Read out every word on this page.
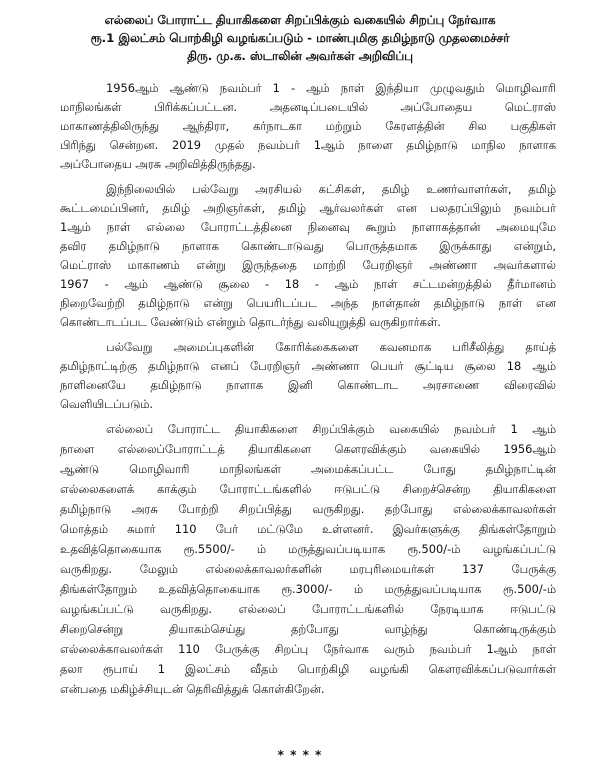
எல்லைப் போராட்ட தியாகிகளை சிறப்பிக்கும் வகையில் சிறப்பு நேர்வாக
ரூ.1 இலட்சம் பொற்கிழி வழங்கப்படும் - மாண்புமிகு தமிழ்நாடு முதலமைச்சர்
திரு. மு.க. ஸ்டாலின் அவர்கள் அறிவிப்பு
1956ஆம் ஆண்டு நவம்பர் 1 - ஆம் நாள் இந்தியா முழுவதும் மொழிவாரி
மாநிலங்கள் பிரிக்கப்பட்டன. அதனடிப்படையில் அப்போதைய மெட்ராஸ்
மாகாணத்திலிருந்து ஆந்திரா, கர்நாடகா மற்றும் கேரளத்தின் சில பகுதிகள்
பிரிந்து சென்றன. 2019 முதல் நவம்பர் 1ஆம் நாளை தமிழ்நாடு மாநில நாளாக
அப்போதைய அரசு அறிவித்திருந்தது.
இந்நிலையில் பல்வேறு அரசியல் கட்சிகள், தமிழ் உணர்வாளர்கள், தமிழ்
கூட்டமைப்பினர், தமிழ் அறிஞர்கள், தமிழ் ஆர்வலர்கள் என பலதரப்பிலும் நவம்பர்
1ஆம் நாள் எல்லை போராட்டத்தினை நினைவு கூறும் நாளாகத்தான் அமையுமே
தவிர தமிழ்நாடு நாளாக கொண்டாடுவது பொருத்தமாக இருக்காது என்றும்,
மெட்ராஸ் மாகாணம் என்று இருந்ததை மாற்றி பேரறிஞர் அண்ணா அவர்களால்
1967 - ஆம் ஆண்டு சூலை - 18 - ஆம் நாள் சட்டமன்றத்தில் தீர்மானம்
நிறைவேற்றி தமிழ்நாடு என்று பெயரிடப்பட அந்த நாள்தான் தமிழ்நாடு நாள் என
கொண்டாடப்பட வேண்டும் என்றும் தொடர்ந்து வலியுறுத்தி வருகிறார்கள்.
பல்வேறு அமைப்புகளின் கோரிக்கைகளை கவனமாக பரிசீலித்து தாய்த்
தமிழ்நாட்டிற்கு தமிழ்நாடு எனப் பேரறிஞர் அண்ணா பெயர் சூட்டிய சூலை 18 ஆம்
நாளினையே தமிழ்நாடு நாளாக இனி கொண்டாட அரசாணை விரைவில்
வெளியிடப்படும்.
எல்லைப் போராட்ட தியாகிகளை சிறப்பிக்கும் வகையில் நவம்பர் 1 ஆம்
நாளை எல்லைப்போராட்டத் தியாகிகளை கௌரவிக்கும் வகையில் 1956ஆம்
ஆண்டு மொழிவாரி மாநிலங்கள் அமைக்கப்பட்ட போது தமிழ்நாட்டின்
எல்லைகளைக் காக்கும் போராட்டங்களில் ஈடுபட்டு சிறைச்சென்ற தியாகிகளை
தமிழ்நாடு அரசு போற்றி சிறப்பித்து வருகிறது. தற்போது எல்லைக்காவலர்கள்
மொத்தம் சுமார் 110 பேர் மட்டுமே உள்ளனர். இவர்களுக்கு திங்கள்தோறும்
உதவித்தொகையாக ரூ.5500/- ம் மருத்துவப்படியாக ரூ.500/-ம் வழங்கப்பட்டு
வருகிறது. மேலும் எல்லைக்காவலர்களின் மரபுரிமையர்கள் 137 பேருக்கு
திங்கள்தோறும் உதவித்தொகையாக ரூ.3000/- ம் மருத்துவப்படியாக ரூ.500/-ம்
வழங்கப்பட்டு வருகிறது. எல்லைப் போராட்டங்களில் நேரடியாக ஈடுபட்டு
சிறைசென்று தியாகம்செய்து தற்போது வாழ்ந்து கொண்டிருக்கும்
எல்லைக்காவலர்கள் 110 பேருக்கு சிறப்பு நேர்வாக வரும் நவம்பர் 1ஆம் நாள்
தலா ரூபாய் 1 இலட்சம் வீதம் பொற்கிழி வழங்கி கௌரவிக்கப்படுவார்கள்
என்பதை மகிழ்ச்சியுடன் தெரிவித்துக் கொள்கிறேன்.
* * * *
